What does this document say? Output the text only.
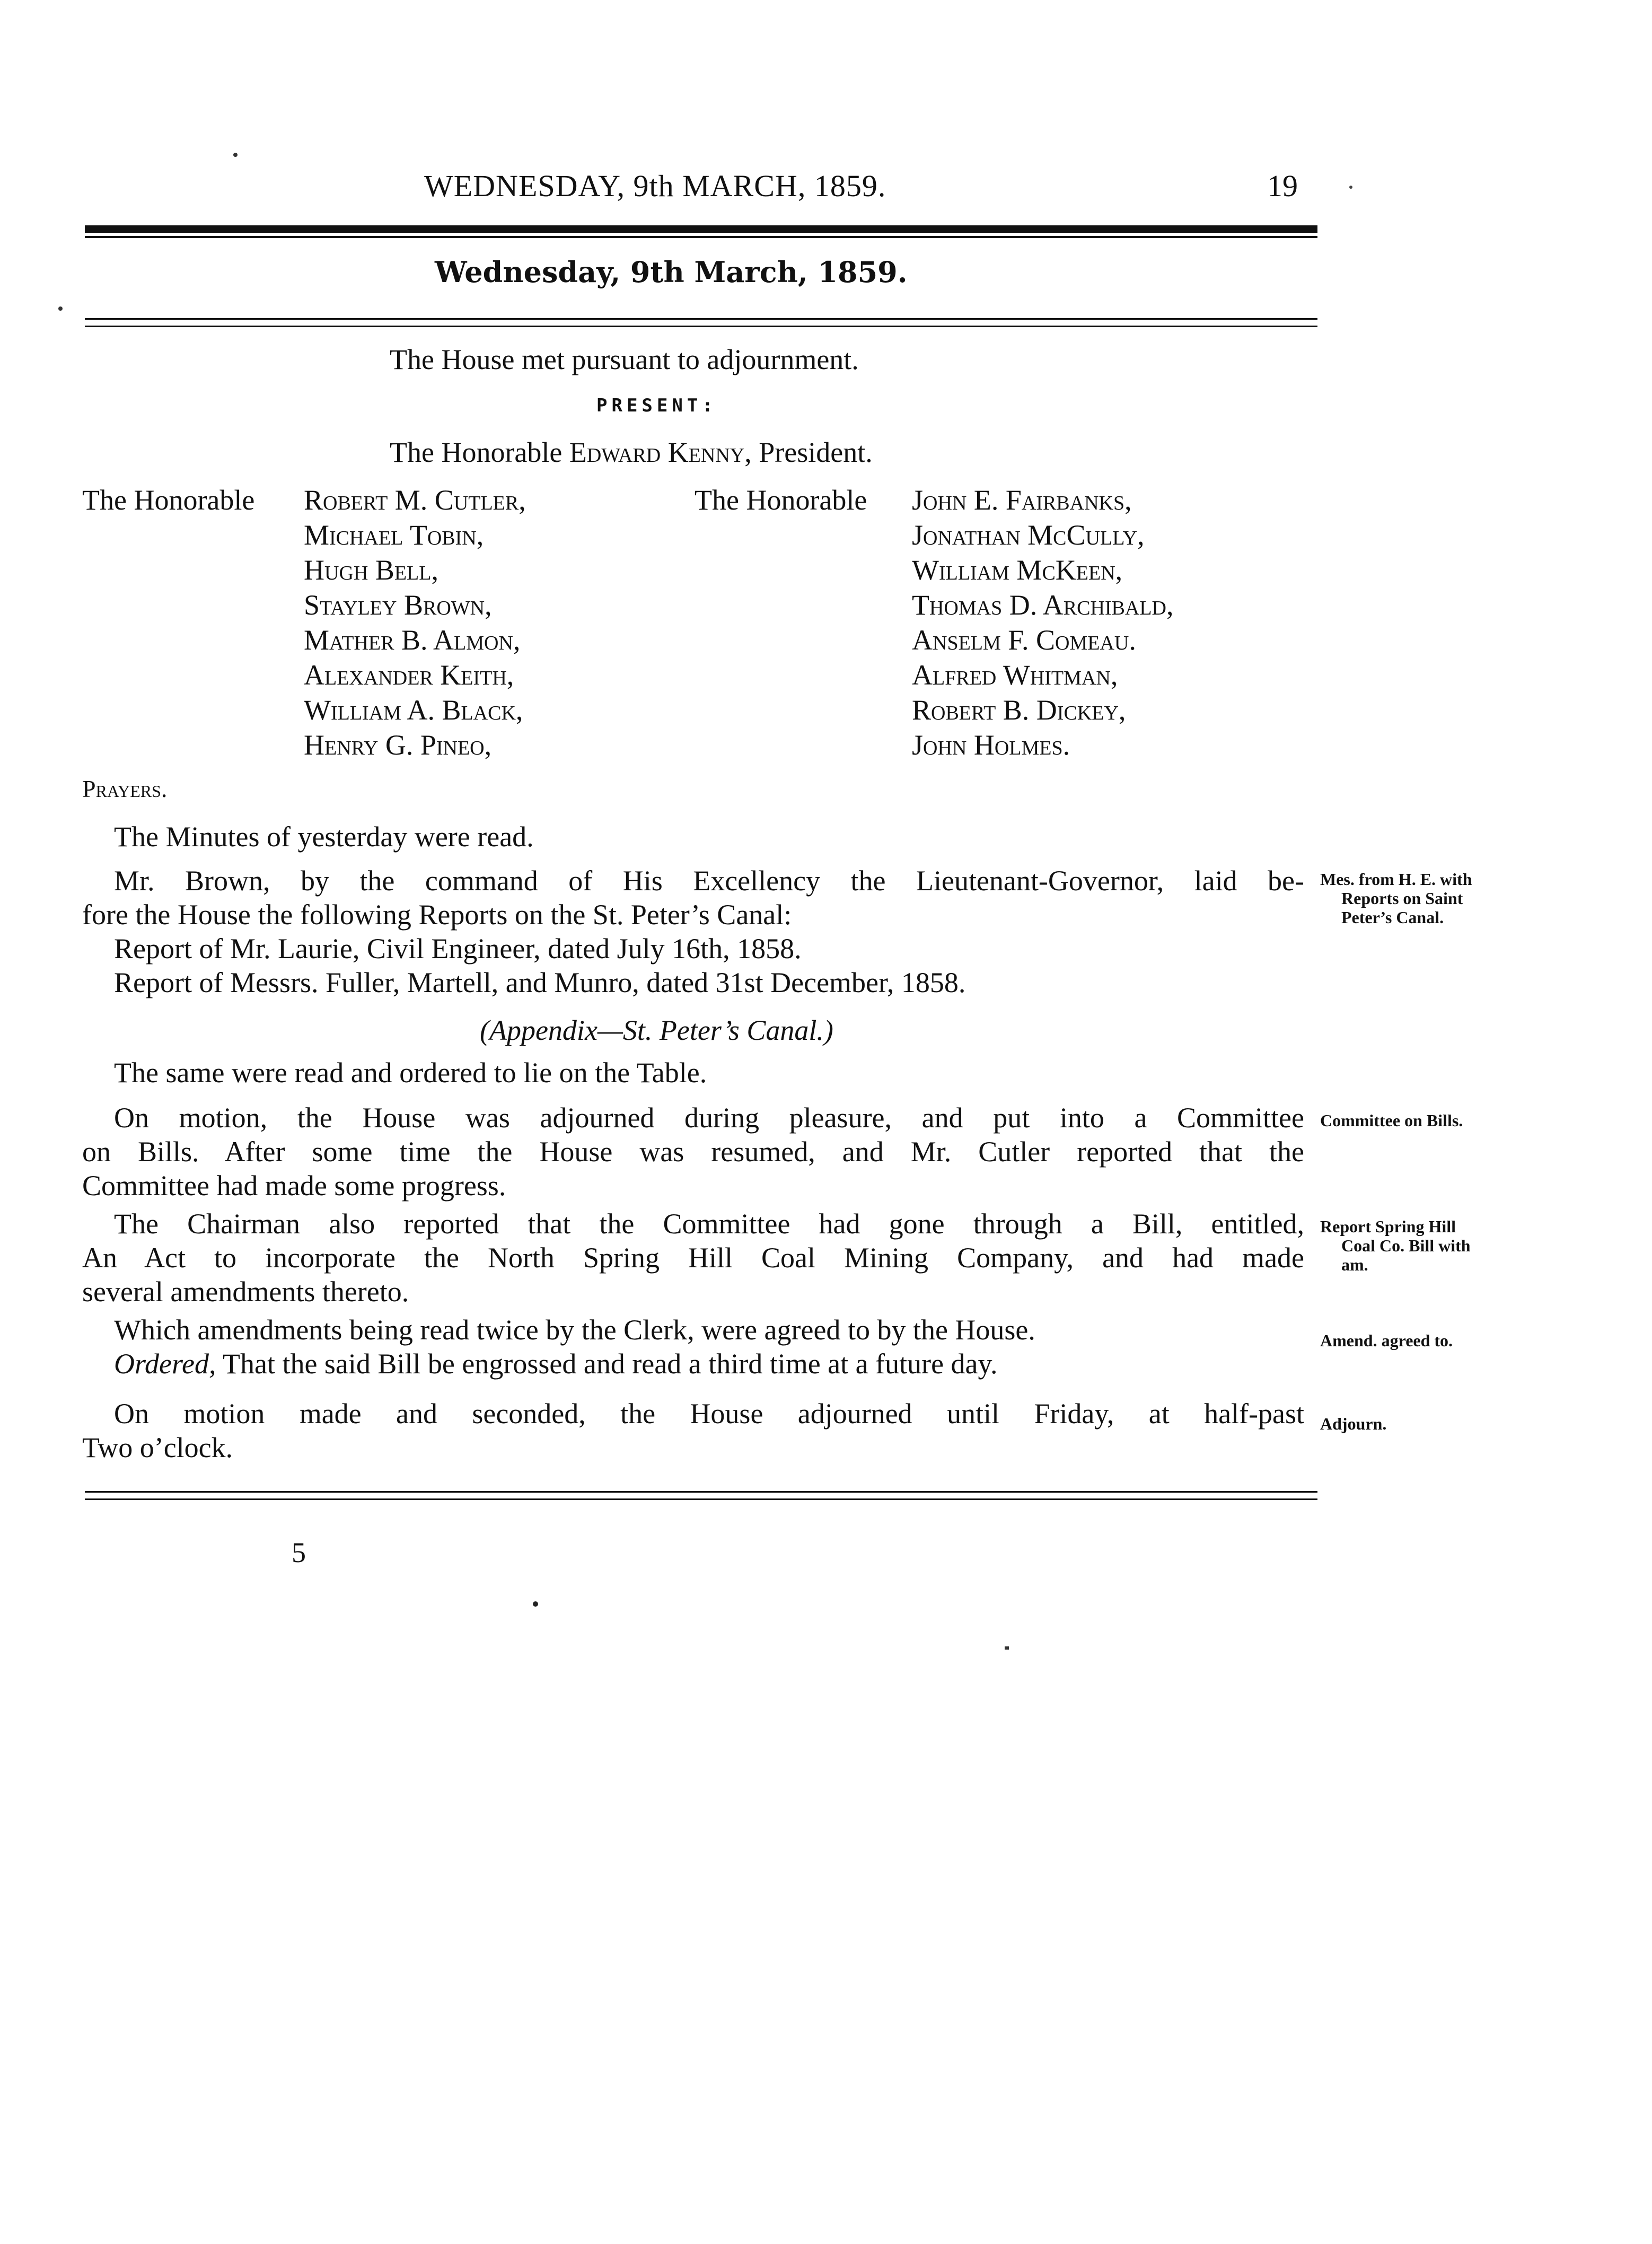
WEDNESDAY, 9th MARCH, 1859.	19
Wednesday, 9th March, 1859.
The House met pursuant to adjournment.
PRESENT:
The Honorable Edward Kenny, President.
The Honorable	The Honorable
Robert M. Cutler,
Michael Tobin,
Hugh Bell,
Stayley Brown,
Mather B. Almon,
Alexander Keith,
William A. Black,
Henry G. Pineo,
John E. Fairbanks,
Jonathan McCully,
William McKeen,
Thomas D. Archibald,
Anselm F. Comeau.
Alfred Whitman,
Robert B. Dickey,
John Holmes.
Prayers.
The Minutes of yesterday were read.
Mr. Brown, by the command of His Excellency the Lieutenant-Governor, laid be-
fore the House the following Reports on the St. Peter’s Canal:
Report of Mr. Laurie, Civil Engineer, dated July 16th, 1858.
Report of Messrs. Fuller, Martell, and Munro, dated 31st December, 1858.
(Appendix—St. Peter’s Canal.)
The same were read and ordered to lie on the Table.
On motion, the House was adjourned during pleasure, and put into a Committee
on Bills. After some time the House was resumed, and Mr. Cutler reported that the
Committee had made some progress.
The Chairman also reported that the Committee had gone through a Bill, entitled,
An Act to incorporate the North Spring Hill Coal Mining Company, and had made
several amendments thereto.
Which amendments being read twice by the Clerk, were agreed to by the House.
Ordered, That the said Bill be engrossed and read a third time at a future day.
On motion made and seconded, the House adjourned until Friday, at half-past
Two o’clock.
Mes. from H. E. with
Reports on Saint
Peter’s Canal.
Committee on Bills.
Report Spring Hill
Coal Co. Bill with
am.
Amend. agreed to.
Adjourn.
5
